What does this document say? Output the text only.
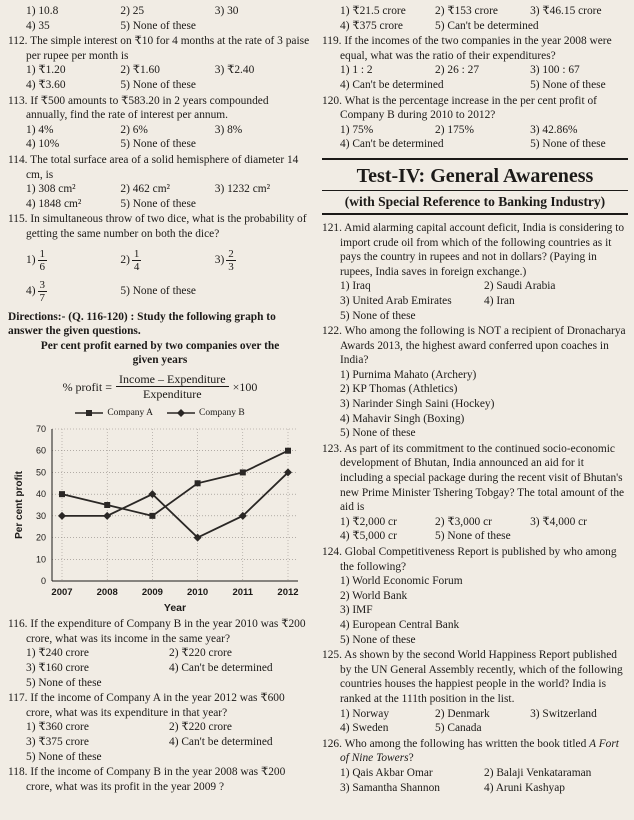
1) 10.8	2) 25	3) 30
4) 35	5) None of these
112. The simple interest on ₹10 for 4 months at the rate of 3 paise per rupee per month is
1) ₹1.20	2) ₹1.60	3) ₹2.40
4) ₹3.60	5) None of these
113. If ₹500 amounts to ₹583.20 in 2 years compounded annually, find the rate of interest per annum.
1) 4%	2) 6%	3) 8%
4) 10%	5) None of these
114. The total surface area of a solid hemisphere of diameter 14 cm, is
1) 308 cm²	2) 462 cm²	3) 1232 cm²
4) 1848 cm²	5) None of these
115. In simultaneous throw of two dice, what is the probability of getting the same number on both the dice?
$1) \frac{1}{6}$	$2) \frac{1}{4}$	$3) \frac{2}{3}$
$4) \frac{3}{7}$	5) None of these
Directions:- (Q. 116-120) : Study the following graph to answer the given questions.
Per cent profit earned by two companies over the given years
% profit =
Income – Expenditure
Expenditure
×100
Company A	Company B
0
10
20
30
40
50
60
70
2007	2008	2009	2010	2011	2012
Per cent profit
Year
116. If the expenditure of Company B in the year 2010 was ₹200 crore, what was its income in the same year?
1) ₹240 crore	2) ₹220 crore
3) ₹160 crore	4) Can't be determined
5) None of these
117. If the income of Company A in the year 2012 was ₹600 crore, what was its expenditure in that year?
1) ₹360 crore	2) ₹220 crore
3) ₹375 crore	4) Can't be determined
5) None of these
118. If the income of Company B in the year 2008 was ₹200 crore, what was its profit in the year 2009 ?
1) ₹21.5 crore	2) ₹153 crore	3) ₹46.15 crore
4) ₹375 crore	5) Can't be determined
119. If the incomes of the two companies in the year 2008 were equal, what was the ratio of their expenditures?
1) 1 : 2	2) 26 : 27	3) 100 : 67
4) Can't be determined	5) None of these
120. What is the percentage increase in the per cent profit of Company B during 2010 to 2012?
1) 75%	2) 175%	3) 42.86%
4) Can't be determined	5) None of these
Test-IV: General Awareness
(with Special Reference to Banking Industry)
121. Amid alarming capital account deficit, India is considering to import crude oil from which of the following countries as it pays the country in rupees and not in dollars? (Paying in rupees, India saves in foreign exchange.)
1) Iraq	2) Saudi Arabia
3) United Arab Emirates	4) Iran
5) None of these
122. Who among the following is NOT a recipient of Dronacharya Awards 2013, the highest award conferred upon coaches in India?
1) Purnima Mahato (Archery)
2) KP Thomas (Athletics)
3) Narinder Singh Saini (Hockey)
4) Mahavir Singh (Boxing)
5) None of these
123. As part of its commitment to the continued socio-economic development of Bhutan, India announced an aid for it including a special package during the recent visit of Bhutan's new Prime Minister Tshering Tobgay? The total amount of the aid is
1) ₹2,000 cr	2) ₹3,000 cr	3) ₹4,000 cr
4) ₹5,000 cr	5) None of these
124. Global Competitiveness Report is published by who among the following?
1) World Economic Forum
2) World Bank
3) IMF
4) European Central Bank
5) None of these
125. As shown by the second World Happiness Report published by the UN General Assembly recently, which of the following countries houses the happiest people in the world? India is ranked at the 111th position in the list.
1) Norway	2) Denmark	3) Switzerland
4) Sweden	5) Canada
126. Who among the following has written the book titled A Fort of Nine Towers?
1) Qais Akbar Omar	2) Balaji Venkataraman
3) Samantha Shannon	4) Aruni Kashyap
